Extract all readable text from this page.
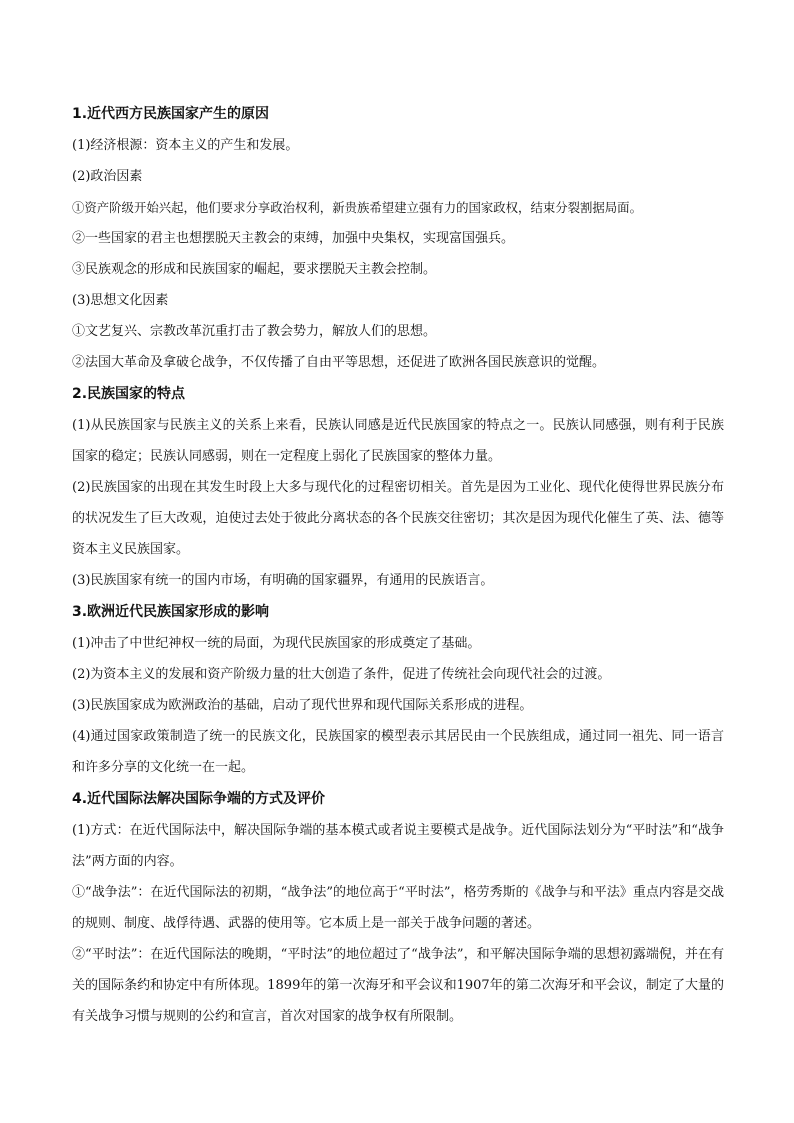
1.近代西方民族国家产生的原因
(1)经济根源：资本主义的产生和发展。
(2)政治因素
①资产阶级开始兴起，他们要求分享政治权利，新贵族希望建立强有力的国家政权，结束分裂割据局面。
②一些国家的君主也想摆脱天主教会的束缚，加强中央集权，实现富国强兵。
③民族观念的形成和民族国家的崛起，要求摆脱天主教会控制。
(3)思想文化因素
①文艺复兴、宗教改革沉重打击了教会势力，解放人们的思想。
②法国大革命及拿破仑战争，不仅传播了自由平等思想，还促进了欧洲各国民族意识的觉醒。
2.民族国家的特点
(1)从民族国家与民族主义的关系上来看，民族认同感是近代民族国家的特点之一。民族认同感强，则有利于民族国家的稳定；民族认同感弱，则在一定程度上弱化了民族国家的整体力量。
(2)民族国家的出现在其发生时段上大多与现代化的过程密切相关。首先是因为工业化、现代化使得世界民族分布的状况发生了巨大改观，迫使过去处于彼此分离状态的各个民族交往密切；其次是因为现代化催生了英、法、德等资本主义民族国家。
(3)民族国家有统一的国内市场，有明确的国家疆界，有通用的民族语言。
3.欧洲近代民族国家形成的影响
(1)冲击了中世纪神权一统的局面，为现代民族国家的形成奠定了基础。
(2)为资本主义的发展和资产阶级力量的壮大创造了条件，促进了传统社会向现代社会的过渡。
(3)民族国家成为欧洲政治的基础，启动了现代世界和现代国际关系形成的进程。
(4)通过国家政策制造了统一的民族文化，民族国家的模型表示其居民由一个民族组成，通过同一祖先、同一语言和许多分享的文化统一在一起。
4.近代国际法解决国际争端的方式及评价
(1)方式：在近代国际法中，解决国际争端的基本模式或者说主要模式是战争。近代国际法划分为“平时法”和“战争法”两方面的内容。
①“战争法”：在近代国际法的初期，“战争法”的地位高于“平时法”，格劳秀斯的《战争与和平法》重点内容是交战的规则、制度、战俘待遇、武器的使用等。它本质上是一部关于战争问题的著述。
②“平时法”：在近代国际法的晚期，“平时法”的地位超过了“战争法”，和平解决国际争端的思想初露端倪，并在有关的国际条约和协定中有所体现。1899年的第一次海牙和平会议和1907年的第二次海牙和平会议，制定了大量的有关战争习惯与规则的公约和宣言，首次对国家的战争权有所限制。
